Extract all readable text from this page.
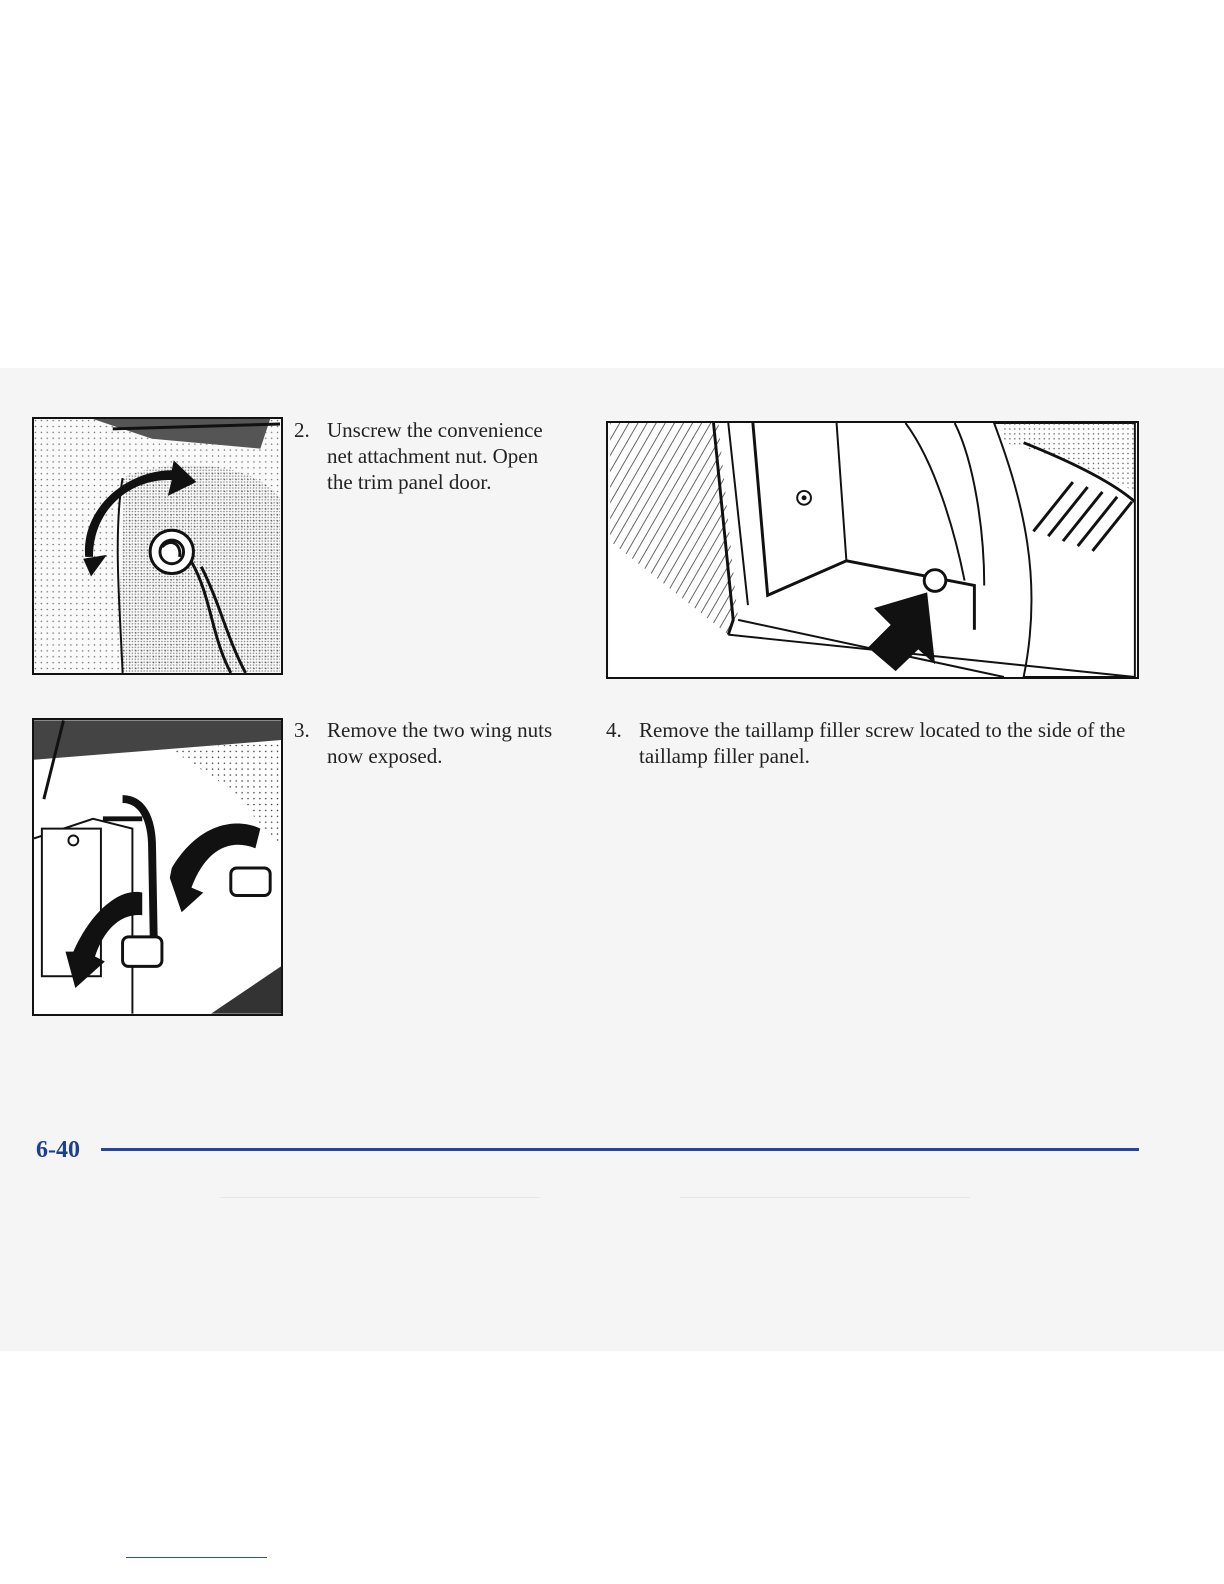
2. Unscrew the convenience net attachment nut. Open the trim panel door.
3. Remove the two wing nuts now exposed.
4. Remove the taillamp filler screw located to the side of the taillamp filler panel.
6-40
